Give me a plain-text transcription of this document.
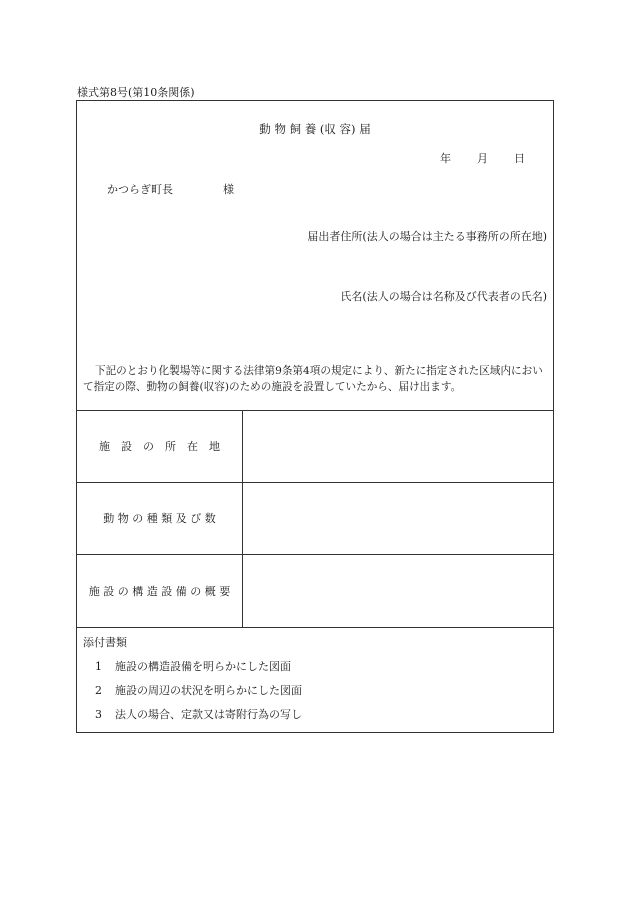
様式第8号(第10条関係)
動 物 飼 養 (収 容) 届
年 月 日
かつらぎ町長	様
届出者住所(法人の場合は主たる事務所の所在地)
氏名(法人の場合は名称及び代表者の氏名)
下記のとおり化製場等に関する法律第9条第4項の規定により、新たに指定された区域内において指定の際、動物の飼養(収容)のための施設を設置していたから、届け出ます。
施　設　の　所　在　地
動 物 の 種 類 及 び 数
施 設 の 構 造 設 備 の 概 要
添付書類
1 施設の構造設備を明らかにした図面
2 施設の周辺の状況を明らかにした図面
3 法人の場合、定款又は寄附行為の写し
